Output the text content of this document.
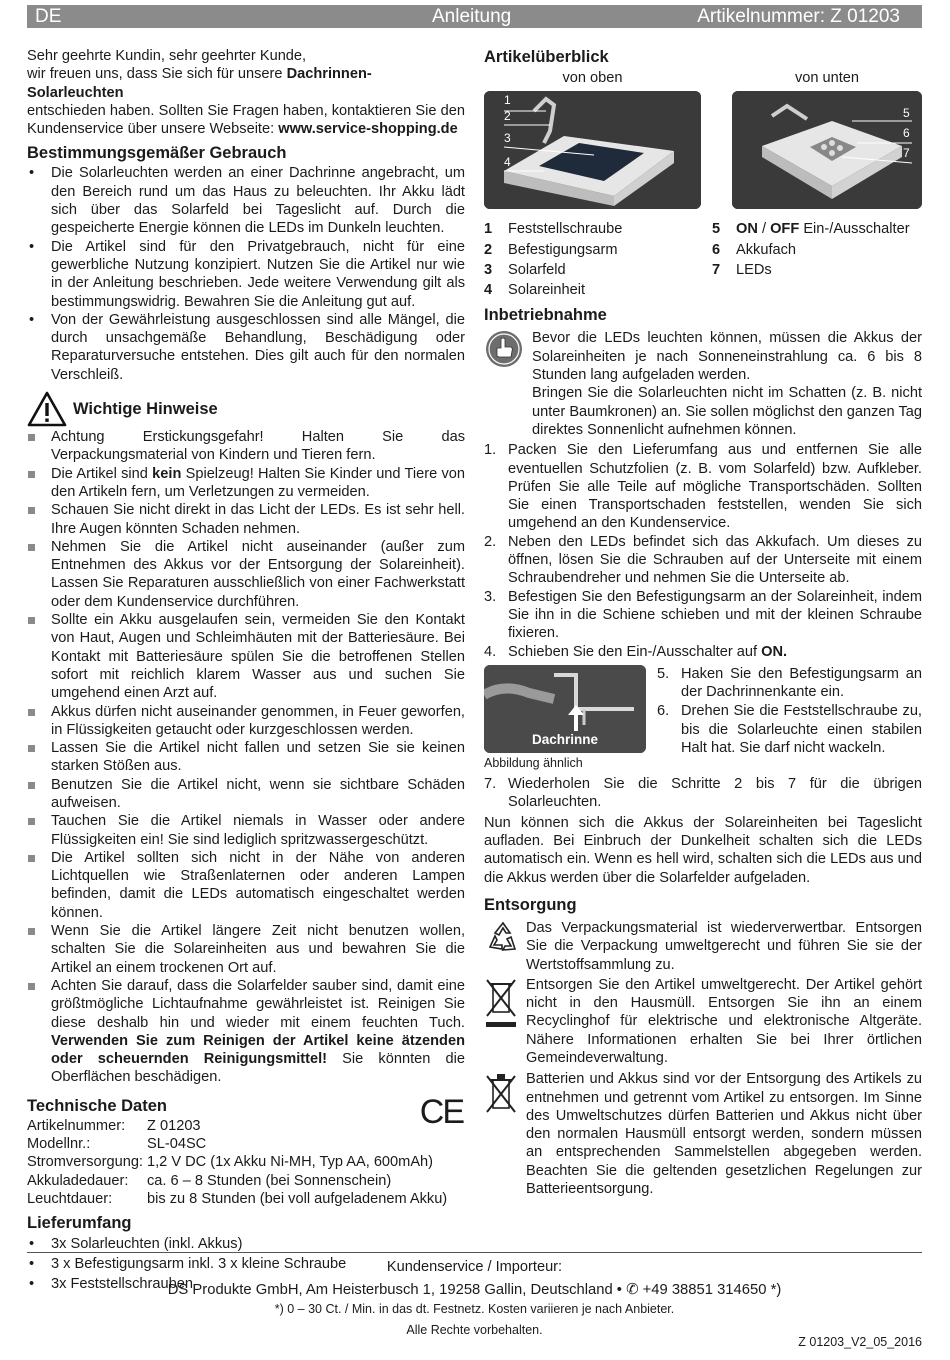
DE	Anleitung	Artikelnummer: Z 01203
Sehr geehrte Kundin, sehr geehrter Kunde,
wir freuen uns, dass Sie sich für unsere Dachrinnen-Solarleuchten
entschieden haben. Sollten Sie Fragen haben, kontaktieren Sie den Kundenservice über unsere Webseite: www.service-shopping.de
Bestimmungsgemäßer Gebrauch
• Die Solarleuchten werden an einer Dachrinne angebracht, um den Bereich rund um das Haus zu beleuchten. Ihr Akku lädt sich über das Solarfeld bei Tageslicht auf. Durch die gespeicherte Energie können die LEDs im Dunkeln leuchten.
• Die Artikel sind für den Privatgebrauch, nicht für eine gewerbliche Nutzung konzipiert. Nutzen Sie die Artikel nur wie in der Anleitung beschrieben. Jede weitere Verwendung gilt als bestimmungswidrig. Bewahren Sie die Anleitung gut auf.
• Von der Gewährleistung ausgeschlossen sind alle Mängel, die durch unsachgemäße Behandlung, Beschädigung oder Reparaturversuche entstehen. Dies gilt auch für den normalen Verschleiß.
Wichtige Hinweise
Achtung Erstickungsgefahr! Halten Sie das Verpackungsmaterial von Kindern und Tieren fern.
Die Artikel sind kein Spielzeug! Halten Sie Kinder und Tiere von den Artikeln fern, um Verletzungen zu vermeiden.
Schauen Sie nicht direkt in das Licht der LEDs. Es ist sehr hell. Ihre Augen könnten Schaden nehmen.
Nehmen Sie die Artikel nicht auseinander (außer zum Entnehmen des Akkus vor der Entsorgung der Solareinheit). Lassen Sie Reparaturen ausschließlich von einer Fachwerkstatt oder dem Kundenservice durchführen.
Sollte ein Akku ausgelaufen sein, vermeiden Sie den Kontakt von Haut, Augen und Schleimhäuten mit der Batteriesäure. Bei Kontakt mit Batteriesäure spülen Sie die betroffenen Stellen sofort mit reichlich klarem Wasser aus und suchen Sie umgehend einen Arzt auf.
Akkus dürfen nicht auseinander genommen, in Feuer geworfen, in Flüssigkeiten getaucht oder kurzgeschlossen werden.
Lassen Sie die Artikel nicht fallen und setzen Sie sie keinen starken Stößen aus.
Benutzen Sie die Artikel nicht, wenn sie sichtbare Schäden aufweisen.
Tauchen Sie die Artikel niemals in Wasser oder andere Flüssigkeiten ein! Sie sind lediglich spritzwassergeschützt.
Die Artikel sollten sich nicht in der Nähe von anderen Lichtquellen wie Straßenlaternen oder anderen Lampen befinden, damit die LEDs automatisch eingeschaltet werden können.
Wenn Sie die Artikel längere Zeit nicht benutzen wollen, schalten Sie die Solareinheiten aus und bewahren Sie die Artikel an einem trockenen Ort auf.
Achten Sie darauf, dass die Solarfelder sauber sind, damit eine größtmögliche Lichtaufnahme gewährleistet ist. Reinigen Sie diese deshalb hin und wieder mit einem feuchten Tuch. Verwenden Sie zum Reinigen der Artikel keine ätzenden oder scheuernden Reinigungsmittel! Sie könnten die Oberflächen beschädigen.
Technische Daten	CE
Artikelnummer:	Z 01203
Modellnr.:	SL-04SC
Stromversorgung:	1,2 V DC (1x Akku Ni-MH, Typ AA, 600mAh)
Akkuladedauer:	ca. 6 – 8 Stunden (bei Sonnenschein)
Leuchtdauer:	bis zu 8 Stunden (bei voll aufgeladenem Akku)
Lieferumfang
• 3x Solarleuchten (inkl. Akkus)
• 3 x Befestigungsarm inkl. 3 x kleine Schraube
• 3x Feststellschrauben
Artikelüberblick
von oben
1
2
3
4
von unten
5
6
7
1	Feststellschraube
2	Befestigungsarm
3	Solarfeld
4	Solareinheit
5	ON / OFF Ein-/Ausschalter
6	Akkufach
7	LEDs
Inbetriebnahme
Bevor die LEDs leuchten können, müssen die Akkus der Solareinheiten je nach Sonneneinstrahlung ca. 6 bis 8 Stunden lang aufgeladen werden.
Bringen Sie die Solarleuchten nicht im Schatten (z. B. nicht unter Baumkronen) an. Sie sollen möglichst den ganzen Tag direktes Sonnenlicht aufnehmen können.
1. Packen Sie den Lieferumfang aus und entfernen Sie alle eventuellen Schutzfolien (z. B. vom Solarfeld) bzw. Aufkleber. Prüfen Sie alle Teile auf mögliche Transportschäden. Sollten Sie einen Transportschaden feststellen, wenden Sie sich umgehend an den Kundenservice.
2. Neben den LEDs befindet sich das Akkufach. Um dieses zu öffnen, lösen Sie die Schrauben auf der Unterseite mit einem Schraubendreher und nehmen Sie die Unterseite ab.
3. Befestigen Sie den Befestigungsarm an der Solareinheit, indem Sie ihn in die Schiene schieben und mit der kleinen Schraube fixieren.
4. Schieben Sie den Ein-/Ausschalter auf ON.
Dachrinne
Abbildung ähnlich
5. Haken Sie den Befestigungsarm an der Dachrinnenkante ein.
6. Drehen Sie die Feststellschraube zu, bis die Solarleuchte einen stabilen Halt hat. Sie darf nicht wackeln.
7. Wiederholen Sie die Schritte 2 bis 7 für die übrigen Solarleuchten.
Nun können sich die Akkus der Solareinheiten bei Tageslicht aufladen. Bei Einbruch der Dunkelheit schalten sich die LEDs automatisch ein. Wenn es hell wird, schalten sich die LEDs aus und die Akkus werden über die Solarfelder aufgeladen.
Entsorgung
Das Verpackungsmaterial ist wiederverwertbar. Entsorgen Sie die Verpackung umweltgerecht und führen Sie sie der Wertstoffsammlung zu.
Entsorgen Sie den Artikel umweltgerecht. Der Artikel gehört nicht in den Hausmüll. Entsorgen Sie ihn an einem Recyclinghof für elektrische und elektronische Altgeräte. Nähere Informationen erhalten Sie bei Ihrer örtlichen Gemeindeverwaltung.
Batterien und Akkus sind vor der Entsorgung des Artikels zu entnehmen und getrennt vom Artikel zu entsorgen. Im Sinne des Umweltschutzes dürfen Batterien und Akkus nicht über den normalen Hausmüll entsorgt werden, sondern müssen an entsprechenden Sammelstellen abgegeben werden. Beachten Sie die geltenden gesetzlichen Regelungen zur Batterieentsorgung.
Kundenservice / Importeur:
DS Produkte GmbH, Am Heisterbusch 1, 19258 Gallin, Deutschland • ✆ +49 38851 314650 *)
*) 0 – 30 Ct. / Min. in das dt. Festnetz. Kosten variieren je nach Anbieter.
Alle Rechte vorbehalten.
Z 01203_V2_05_2016
